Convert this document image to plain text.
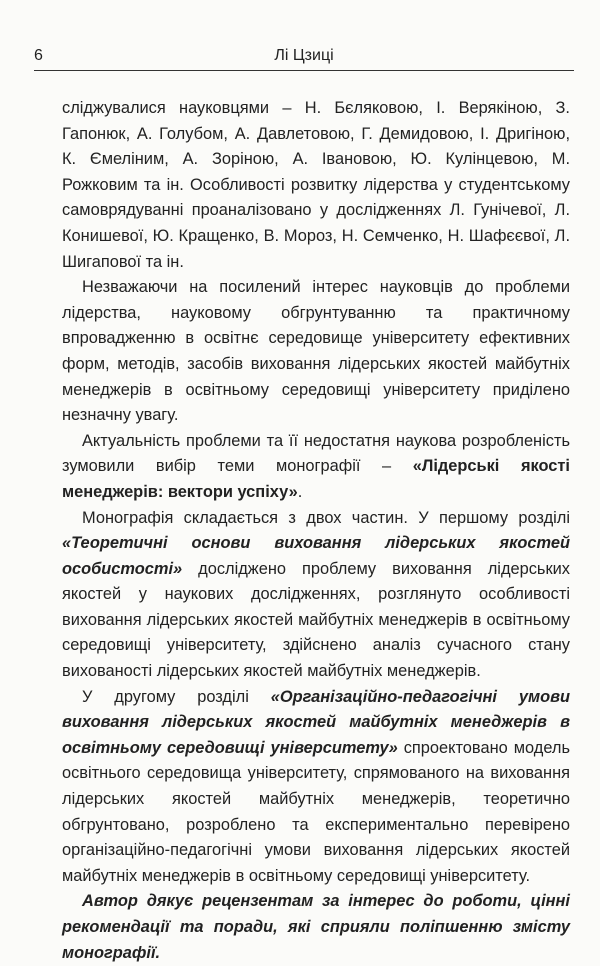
6	Лі Цзиці

сліджувалися науковцями – Н. Бєляковою, І. Верякіною, З. Гапонюк, А. Голубом, А. Давлетовою, Г. Демидовою, І. Дригіною, К. Ємеліним, А. Зоріною, А. Івановою, Ю. Кулінцевою, М. Рожковим та ін. Особливості розвитку лідерства у студентському самоврядуванні проаналізовано у дослідженнях Л. Гунічевої, Л. Конишевої, Ю. Кращенко, В. Мороз, Н. Семченко, Н. Шафєєвої, Л. Шигапової та ін.

Незважаючи на посилений інтерес науковців до проблеми лідерства, науковому обгрунтуванню та практичному впровадженню в освітнє середовище університету ефективних форм, методів, засобів виховання лідерських якостей майбутніх менеджерів в освітньому середовищі університету приділено незначну увагу.

Актуальність проблеми та її недостатня наукова розробленість зумовили вибір теми монографії – «Лідерські якості менеджерів: вектори успіху».

Монографія складається з двох частин. У першому розділі «Теоретичні основи виховання лідерських якостей особистості» досліджено проблему виховання лідерських якостей у наукових дослідженнях, розглянуто особливості виховання лідерських якостей майбутніх менеджерів в освітньому середовищі університету, здійснено аналіз сучасного стану вихованості лідерських якостей майбутніх менеджерів.

У другому розділі «Організаційно-педагогічні умови виховання лідерських якостей майбутніх менеджерів в освітньому середовищі університету» спроектовано модель освітнього середовища університету, спрямованого на виховання лідерських якостей майбутніх менеджерів, теоретично обгрунтовано, розроблено та експериментально перевірено організаційно-педагогічні умови виховання лідерських якостей майбутніх менеджерів в освітньому середовищі університету.

Автор дякує рецензентам за інтерес до роботи, цінні рекомендації та поради, які сприяли поліпшенню змісту монографії.
